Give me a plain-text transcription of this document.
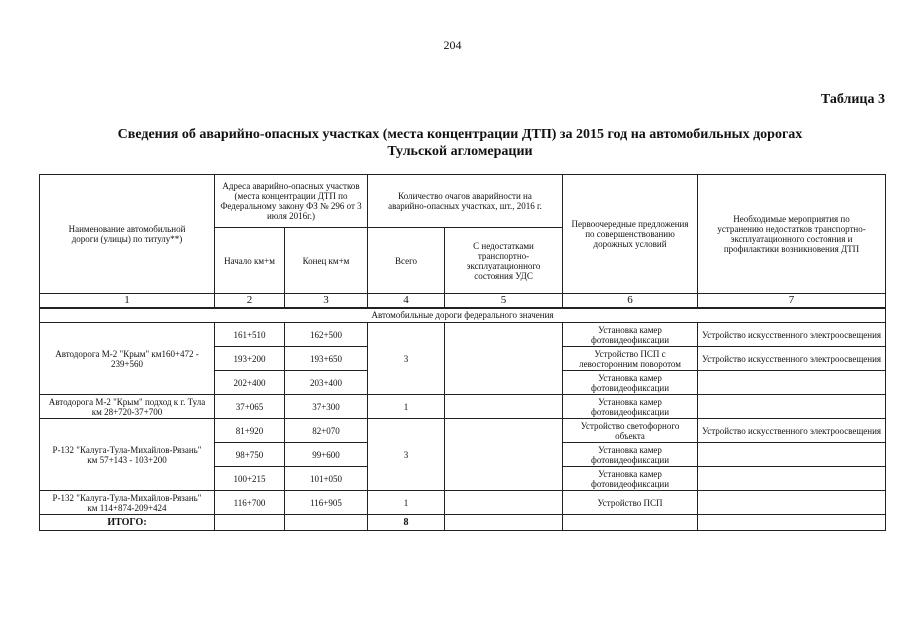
204
Таблица 3
Сведения об аварийно-опасных участках (места концентрации ДТП) за 2015 год на автомобильных дорогах
Тульской агломерации
Наименование автомобильной дороги (улицы) по титулу**)	Адреса аварийно-опасных участков (места концентрации ДТП по Федеральному закону ФЗ № 296 от 3 июля 2016г.)		Количество очагов аварийности на аварийно-опасных участках, шт., 2016 г.		Первоочередные предложения по совершенствованию дорожных условий	Необходимые мероприятия по устранению недостатков транспортно-эксплуатационного состояния и профилактики возникновения ДТП
	Начало км+м	Конец км+м	Всего	С недостатками транспортно-эксплуатационного состояния УДС		
1	2	3	4	5	6	7
Автомобильные дороги федерального значения						
Автодорога М-2 "Крым" км160+472 - 239+560	161+510	162+500	3		Установка камер фотовидеофиксации	Устройство искусственного электроосвещения
	193+200	193+650			Устройство ПСП с левосторонним поворотом	Устройство искусственного электроосвещения
	202+400	203+400			Установка камер фотовидеофиксации	
Автодорога М-2 "Крым" подход к г. Тула км 28+720-37+700	37+065	37+300	1		Установка камер фотовидеофиксации	
Р-132 "Калуга-Тула-Михайлов-Рязань" км 57+143 - 103+200	81+920	82+070	3		Устройство светофорного объекта	Устройство искусственного электроосвещения
	98+750	99+600			Установка камер фотовидеофиксации	
	100+215	101+050			Установка камер фотовидеофиксации	
Р-132 "Калуга-Тула-Михайлов-Рязань" км 114+874-209+424	116+700	116+905	1		Устройство ПСП	
ИТОГО:			8			
